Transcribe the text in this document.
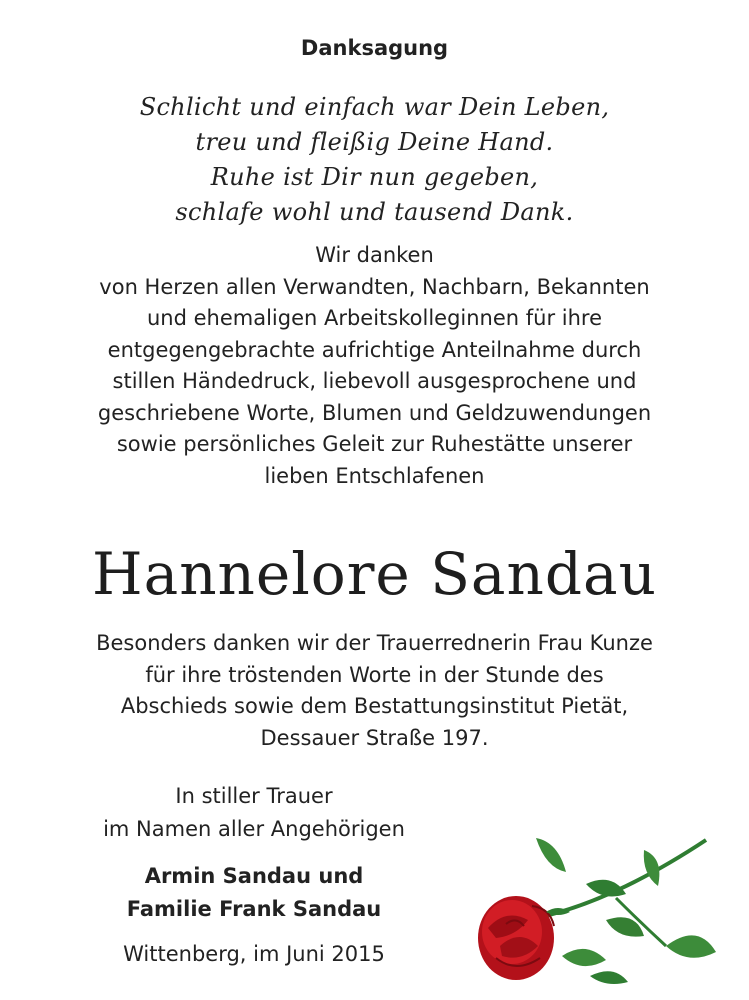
Danksagung
Schlicht und einfach war Dein Leben,
treu und fleißig Deine Hand.
Ruhe ist Dir nun gegeben,
schlafe wohl und tausend Dank.
Wir danken
von Herzen allen Verwandten, Nachbarn, Bekannten
und ehemaligen Arbeitskolleginnen für ihre
entgegengebrachte aufrichtige Anteilnahme durch
stillen Händedruck, liebevoll ausgesprochene und
geschriebene Worte, Blumen und Geldzuwendungen
sowie persönliches Geleit zur Ruhestätte unserer
lieben Entschlafenen
Hannelore Sandau
Besonders danken wir der Trauerrednerin Frau Kunze
für ihre tröstenden Worte in der Stunde des
Abschieds sowie dem Bestattungsinstitut Pietät,
Dessauer Straße 197.
In stiller Trauer
im Namen aller Angehörigen
Armin Sandau und
Familie Frank Sandau
Wittenberg, im Juni 2015
